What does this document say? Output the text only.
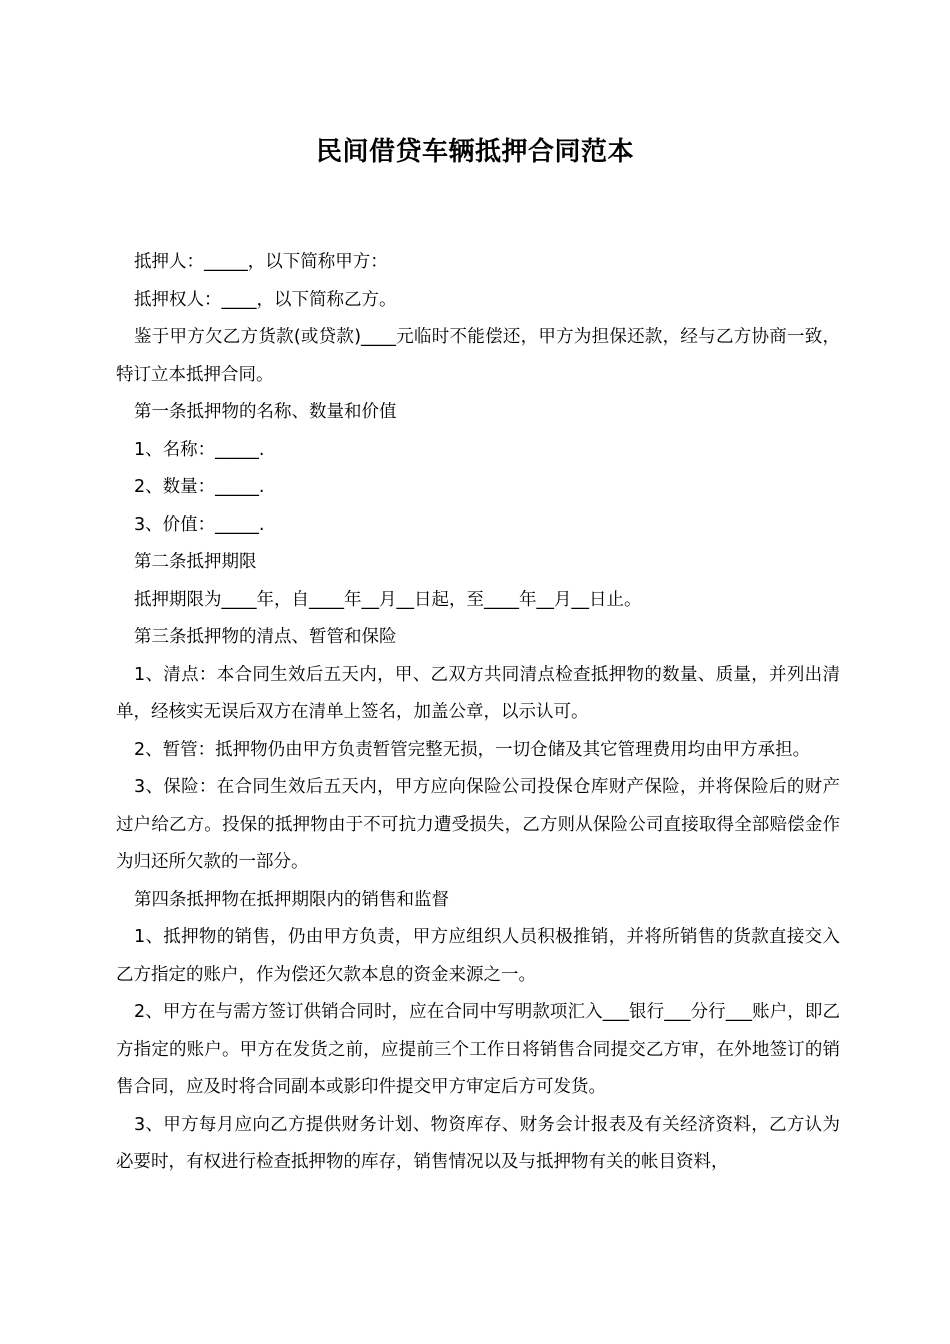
民间借贷车辆抵押合同范本

抵押人：_____，以下简称甲方：

抵押权人：____，以下简称乙方。

鉴于甲方欠乙方货款(或贷款)____元临时不能偿还，甲方为担保还款，经与乙方协商一致，特订立本抵押合同。

第一条抵押物的名称、数量和价值

1、名称：_____.

2、数量：_____.

3、价值：_____.

第二条抵押期限

抵押期限为____年，自____年__月__日起，至____年__月__日止。

第三条抵押物的清点、暂管和保险

1、清点：本合同生效后五天内，甲、乙双方共同清点检查抵押物的数量、质量，并列出清单，经核实无误后双方在清单上签名，加盖公章，以示认可。

2、暂管：抵押物仍由甲方负责暂管完整无损，一切仓储及其它管理费用均由甲方承担。

3、保险：在合同生效后五天内，甲方应向保险公司投保仓库财产保险，并将保险后的财产过户给乙方。投保的抵押物由于不可抗力遭受损失，乙方则从保险公司直接取得全部赔偿金作为归还所欠款的一部分。

第四条抵押物在抵押期限内的销售和监督

1、抵押物的销售，仍由甲方负责，甲方应组织人员积极推销，并将所销售的货款直接交入乙方指定的账户，作为偿还欠款本息的资金来源之一。

2、甲方在与需方签订供销合同时，应在合同中写明款项汇入___银行___分行___账户，即乙方指定的账户。甲方在发货之前，应提前三个工作日将销售合同提交乙方审，在外地签订的销售合同，应及时将合同副本或影印件提交甲方审定后方可发货。

3、甲方每月应向乙方提供财务计划、物资库存、财务会计报表及有关经济资料，乙方认为必要时，有权进行检查抵押物的库存，销售情况以及与抵押物有关的帐目资料，
